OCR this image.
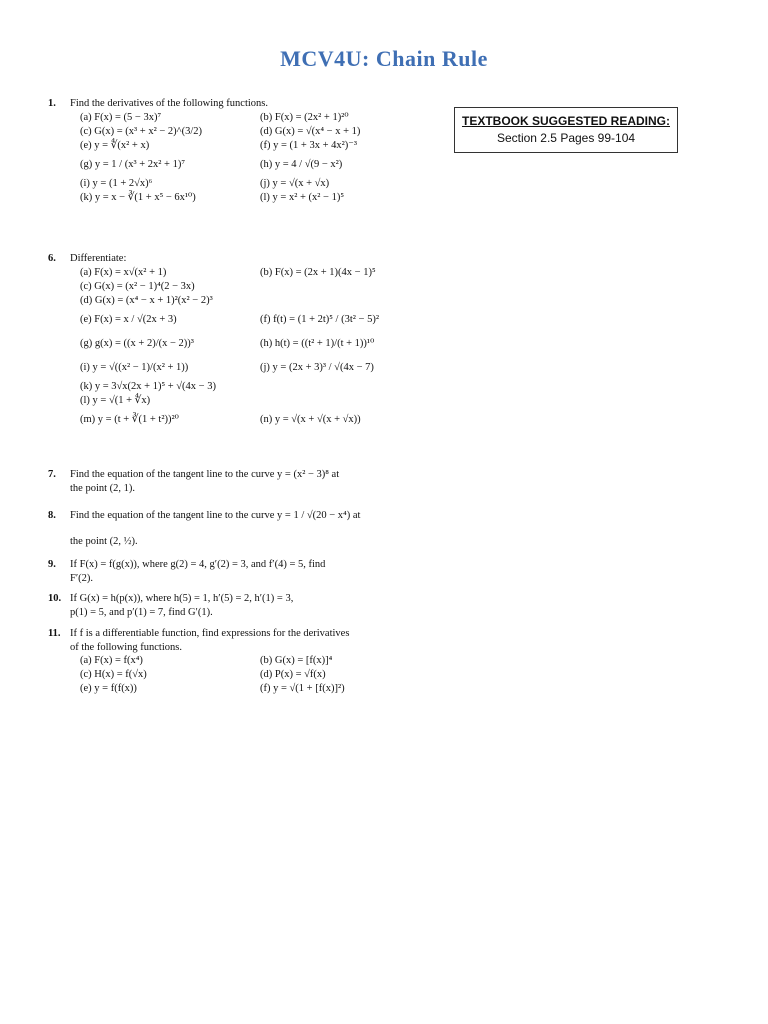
MCV4U: Chain Rule
TEXTBOOK SUGGESTED READING:
Section 2.5 Pages 99-104
1. Find the derivatives of the following functions.
(a) F(x) = (5 − 3x)⁷	(b) F(x) = (2x² + 1)²⁰
(c) G(x) = (x³ + x² − 2)^(3/2)	(d) G(x) = √(x⁴ − x + 1)
(e) y = ∜(x² + x)	(f) y = (1 + 3x + 4x²)⁻³
(g) y = 1 / (x³ + 2x² + 1)⁷	(h) y = 4 / √(9 − x²)
(i) y = (1 + 2√x)⁶	(j) y = √(x + √x)
(k) y = x − ∛(1 + x⁵ − 6x¹⁰)	(l) y = x² + (x² − 1)⁵
6. Differentiate:
(a) F(x) = x√(x² + 1)	(b) F(x) = (2x + 1)(4x − 1)⁵
(c) G(x) = (x² − 1)⁴(2 − 3x)
(d) G(x) = (x⁴ − x + 1)²(x² − 2)³
(e) F(x) = x / √(2x + 3)	(f) f(t) = (1 + 2t)⁵ / (3t² − 5)²
(g) g(x) = ((x + 2)/(x − 2))³	(h) h(t) = ((t² + 1)/(t + 1))¹⁰
(i) y = √((x² − 1)/(x² + 1))	(j) y = (2x + 3)³ / √(4x − 7)
(k) y = 3√x(2x + 1)⁵ + √(4x − 3)
(l) y = √(1 + ∜x)
(m) y = (t + ∛(1 + t²))²⁰	(n) y = √(x + √(x + √x))
7. Find the equation of the tangent line to the curve y = (x² − 3)⁸ at
the point (2, 1).
8. Find the equation of the tangent line to the curve y = 1 / √(20 − x⁴) at
the point (2, ½).
9. If F(x) = f(g(x)), where g(2) = 4, g′(2) = 3, and f′(4) = 5, find
F′(2).
10. If G(x) = h(p(x)), where h(5) = 1, h′(5) = 2, h′(1) = 3,
p(1) = 5, and p′(1) = 7, find G′(1).
11. If f is a differentiable function, find expressions for the derivatives
of the following functions.
(a) F(x) = f(x⁴)	(b) G(x) = [f(x)]⁴
(c) H(x) = f(√x)	(d) P(x) = √f(x)
(e) y = f(f(x))	(f) y = √(1 + [f(x)]²)
